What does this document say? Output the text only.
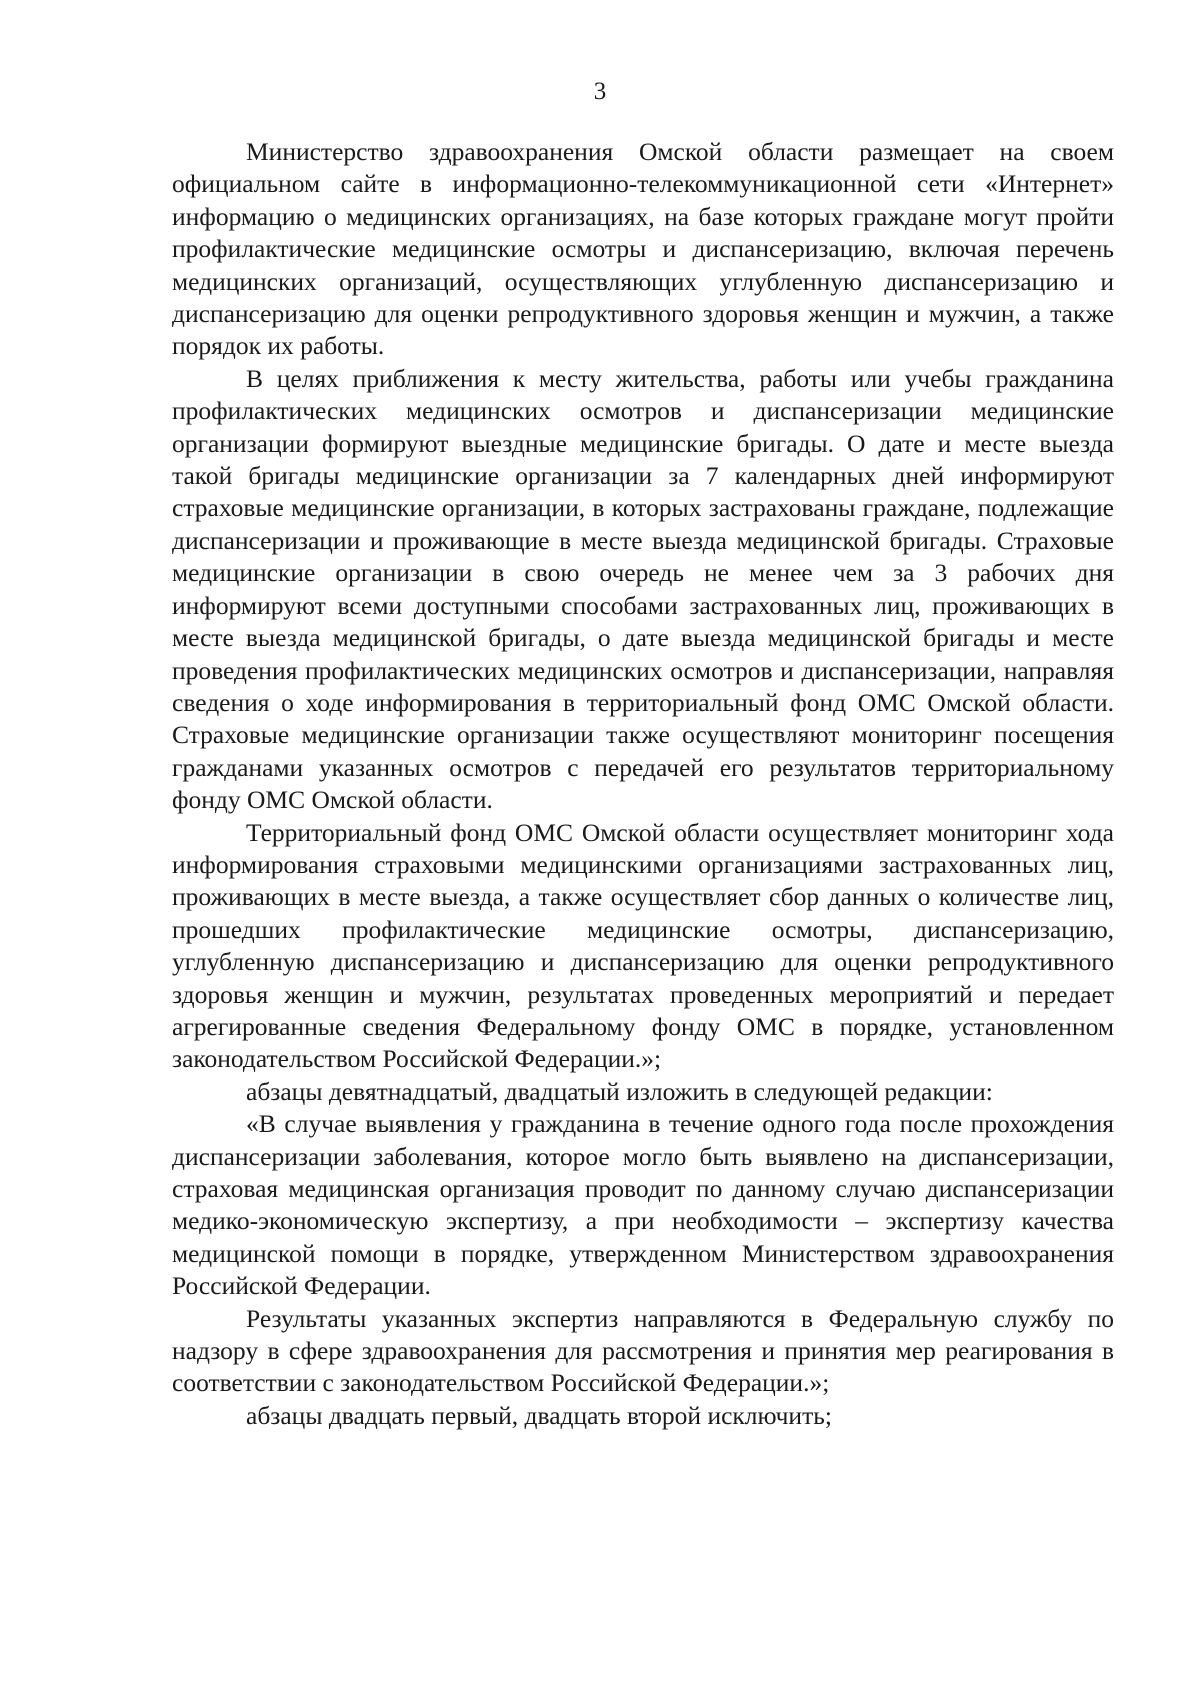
3

Министерство здравоохранения Омской области размещает на своем официальном сайте в информационно-телекоммуникационной сети «Интернет» информацию о медицинских организациях, на базе которых граждане могут пройти профилактические медицинские осмотры и диспансеризацию, включая перечень медицинских организаций, осуществляющих углубленную диспансеризацию и диспансеризацию для оценки репродуктивного здоровья женщин и мужчин, а также порядок их работы.

В целях приближения к месту жительства, работы или учебы гражданина профилактических медицинских осмотров и диспансеризации медицинские организации формируют выездные медицинские бригады. О дате и месте выезда такой бригады медицинские организации за 7 календарных дней информируют страховые медицинские организации, в которых застрахованы граждане, подлежащие диспансеризации и проживающие в месте выезда медицинской бригады. Страховые медицинские организации в свою очередь не менее чем за 3 рабочих дня информируют всеми доступными способами застрахованных лиц, проживающих в месте выезда медицинской бригады, о дате выезда медицинской бригады и месте проведения профилактических медицинских осмотров и диспансеризации, направляя сведения о ходе информирования в территориальный фонд ОМС Омской области. Страховые медицинские организации также осуществляют мониторинг посещения гражданами указанных осмотров с передачей его результатов территориальному фонду ОМС Омской области.

Территориальный фонд ОМС Омской области осуществляет мониторинг хода информирования страховыми медицинскими организациями застрахованных лиц, проживающих в месте выезда, а также осуществляет сбор данных о количестве лиц, прошедших профилактические медицинские осмотры, диспансеризацию, углубленную диспансеризацию и диспансеризацию для оценки репродуктивного здоровья женщин и мужчин, результатах проведенных мероприятий и передает агрегированные сведения Федеральному фонду ОМС в порядке, установленном законодательством Российской Федерации.»;

абзацы девятнадцатый, двадцатый изложить в следующей редакции:

«В случае выявления у гражданина в течение одного года после прохождения диспансеризации заболевания, которое могло быть выявлено на диспансеризации, страховая медицинская организация проводит по данному случаю диспансеризации медико-экономическую экспертизу, а при необходимости – экспертизу качества медицинской помощи в порядке, утвержденном Министерством здравоохранения Российской Федерации.

Результаты указанных экспертиз направляются в Федеральную службу по надзору в сфере здравоохранения для рассмотрения и принятия мер реагирования в соответствии с законодательством Российской Федерации.»;

абзацы двадцать первый, двадцать второй исключить;
